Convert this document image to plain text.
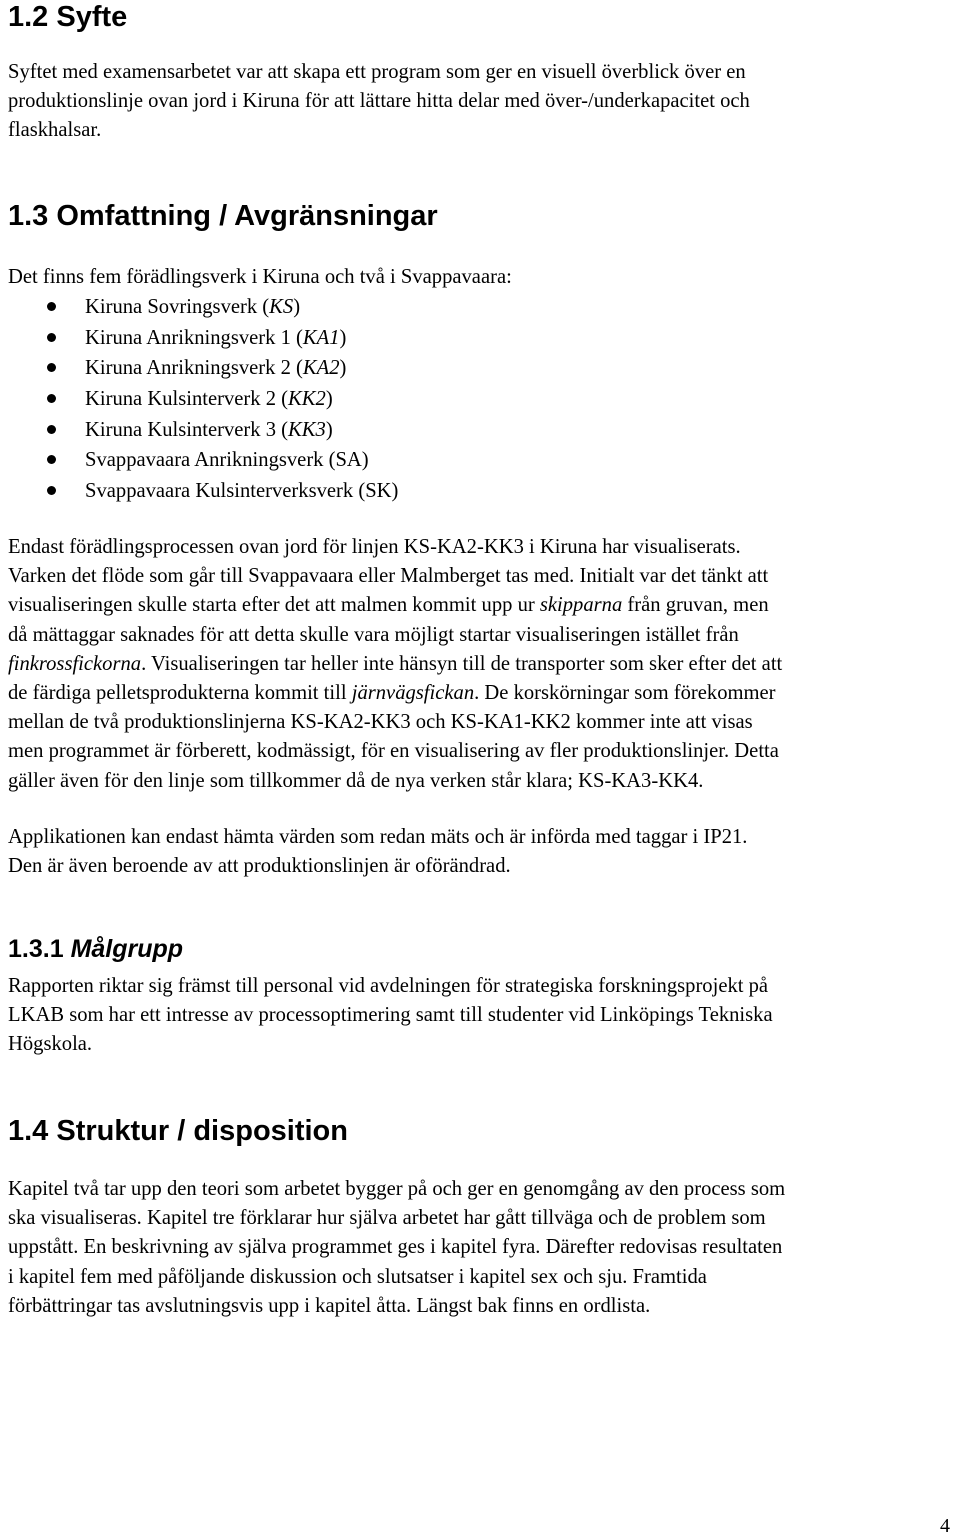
1.2 Syfte
Syftet med examensarbetet var att skapa ett program som ger en visuell överblick över en
produktionslinje ovan jord i Kiruna för att lättare hitta delar med över-/underkapacitet och
flaskhalsar.
1.3 Omfattning / Avgränsningar
Det finns fem förädlingsverk i Kiruna och två i Svappavaara:
Kiruna Sovringsverk (KS)
Kiruna Anrikningsverk 1 (KA1)
Kiruna Anrikningsverk 2 (KA2)
Kiruna Kulsinterverk 2 (KK2)
Kiruna Kulsinterverk 3 (KK3)
Svappavaara Anrikningsverk (SA)
Svappavaara Kulsinterverksverk (SK)
Endast förädlingsprocessen ovan jord för linjen KS-KA2-KK3 i Kiruna har visualiserats.
Varken det flöde som går till Svappavaara eller Malmberget tas med. Initialt var det tänkt att
visualiseringen skulle starta efter det att malmen kommit upp ur skipparna från gruvan, men
då mättaggar saknades för att detta skulle vara möjligt startar visualiseringen istället från
finkrossfickorna. Visualiseringen tar heller inte hänsyn till de transporter som sker efter det att
de färdiga pelletsprodukterna kommit till järnvägsfickan. De korskörningar som förekommer
mellan de två produktionslinjerna KS-KA2-KK3 och KS-KA1-KK2 kommer inte att visas
men programmet är förberett, kodmässigt, för en visualisering av fler produktionslinjer. Detta
gäller även för den linje som tillkommer då de nya verken står klara; KS-KA3-KK4.
Applikationen kan endast hämta värden som redan mäts och är införda med taggar i IP21.
Den är även beroende av att produktionslinjen är oförändrad.
1.3.1 Målgrupp
Rapporten riktar sig främst till personal vid avdelningen för strategiska forskningsprojekt på
LKAB som har ett intresse av processoptimering samt till studenter vid Linköpings Tekniska
Högskola.
1.4 Struktur / disposition
Kapitel två tar upp den teori som arbetet bygger på och ger en genomgång av den process som
ska visualiseras. Kapitel tre förklarar hur själva arbetet har gått tillväga och de problem som
uppstått. En beskrivning av själva programmet ges i kapitel fyra. Därefter redovisas resultaten
i kapitel fem med påföljande diskussion och slutsatser i kapitel sex och sju. Framtida
förbättringar tas avslutningsvis upp i kapitel åtta. Längst bak finns en ordlista.
4
